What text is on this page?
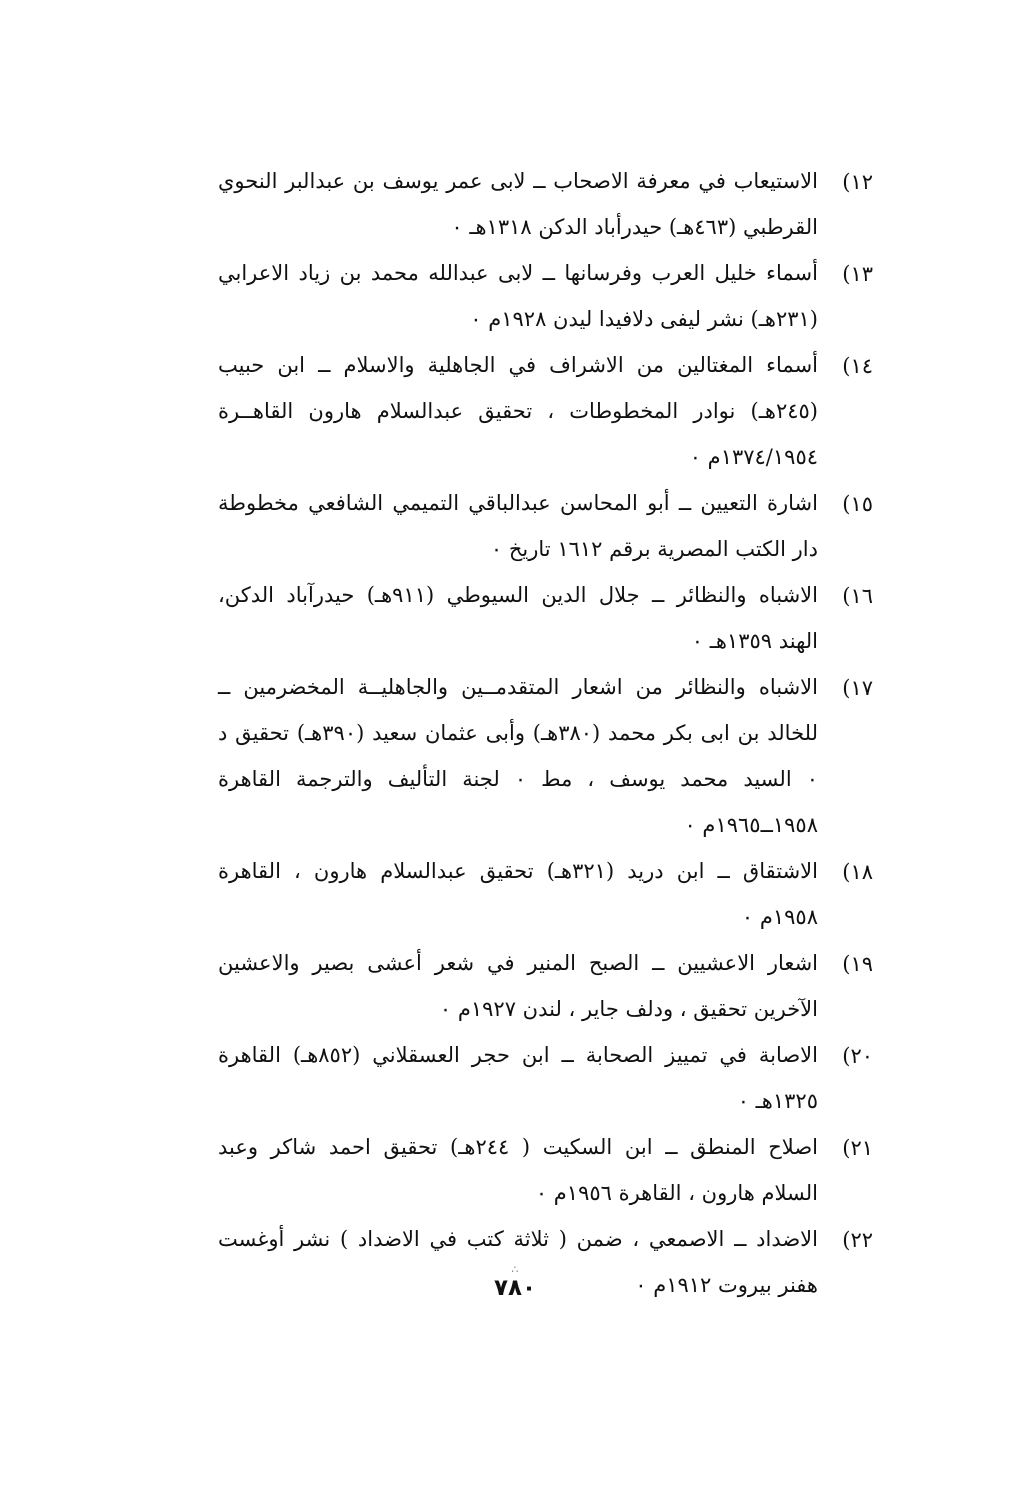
١٢)
الاستيعاب في معرفة الاصحاب ــ لابى عمر يوسف بن عبدالبر النحوي القرطبي (٤٦٣هـ) حيدرأباد الدكن ١٣١٨هـ ٠
١٣)
أسماء خليل العرب وفرسانها ــ لابى عبدالله محمد بن زياد الاعرابي (٢٣١هـ) نشر ليفى دلافيدا ليدن ١٩٢٨م ٠
١٤)
أسماء المغتالين من الاشراف في الجاهلية والاسلام ــ ابن حبيب (٢٤٥هـ) نوادر المخطوطات ، تحقيق عبدالسلام هارون القاهــرة ١٣٧٤/١٩٥٤م ٠
١٥)
اشارة التعيين ــ أبو المحاسن عبدالباقي التميمي الشافعي مخطوطة دار الكتب المصرية برقم ١٦١٢ تاريخ ٠
١٦)
الاشباه والنظائر ــ جلال الدين السيوطي (٩١١هـ) حيدرآباد الدكن، الهند ١٣٥٩هـ ٠
١٧)
الاشباه والنظائر من اشعار المتقدمــين والجاهليــة المخضرمين ــ للخالد بن ابى بكر محمد (٣٨٠هـ) وأبى عثمان سعيد (٣٩٠هـ) تحقيق د ٠ السيد محمد يوسف ، مط ٠ لجنة التأليف والترجمة القاهرة ١٩٥٨ــ١٩٦٥م ٠
١٨)
الاشتقاق ــ ابن دريد (٣٢١هـ) تحقيق عبدالسلام هارون ، القاهرة ١٩٥٨م ٠
١٩)
اشعار الاعشيين ــ الصبح المنير في شعر أعشى بصير والاعشين الآخرين تحقيق ، ودلف جاير ، لندن ١٩٢٧م ٠
٢٠)
الاصابة في تمييز الصحابة ــ ابن حجر العسقلاني (٨٥٢هـ) القاهرة ١٣٢٥هـ ٠
٢١)
اصلاح المنطق ــ ابن السكيت ( ٢٤٤هـ) تحقيق احمد شاكر وعبد السلام هارون ، القاهرة ١٩٥٦م ٠
٢٢)
الاضداد ــ الاصمعي ، ضمن ( ثلاثة كتب في الاضداد ) نشر أوغست هفنر بيروت ١٩١٢م ٠
∴
٧٨٠
